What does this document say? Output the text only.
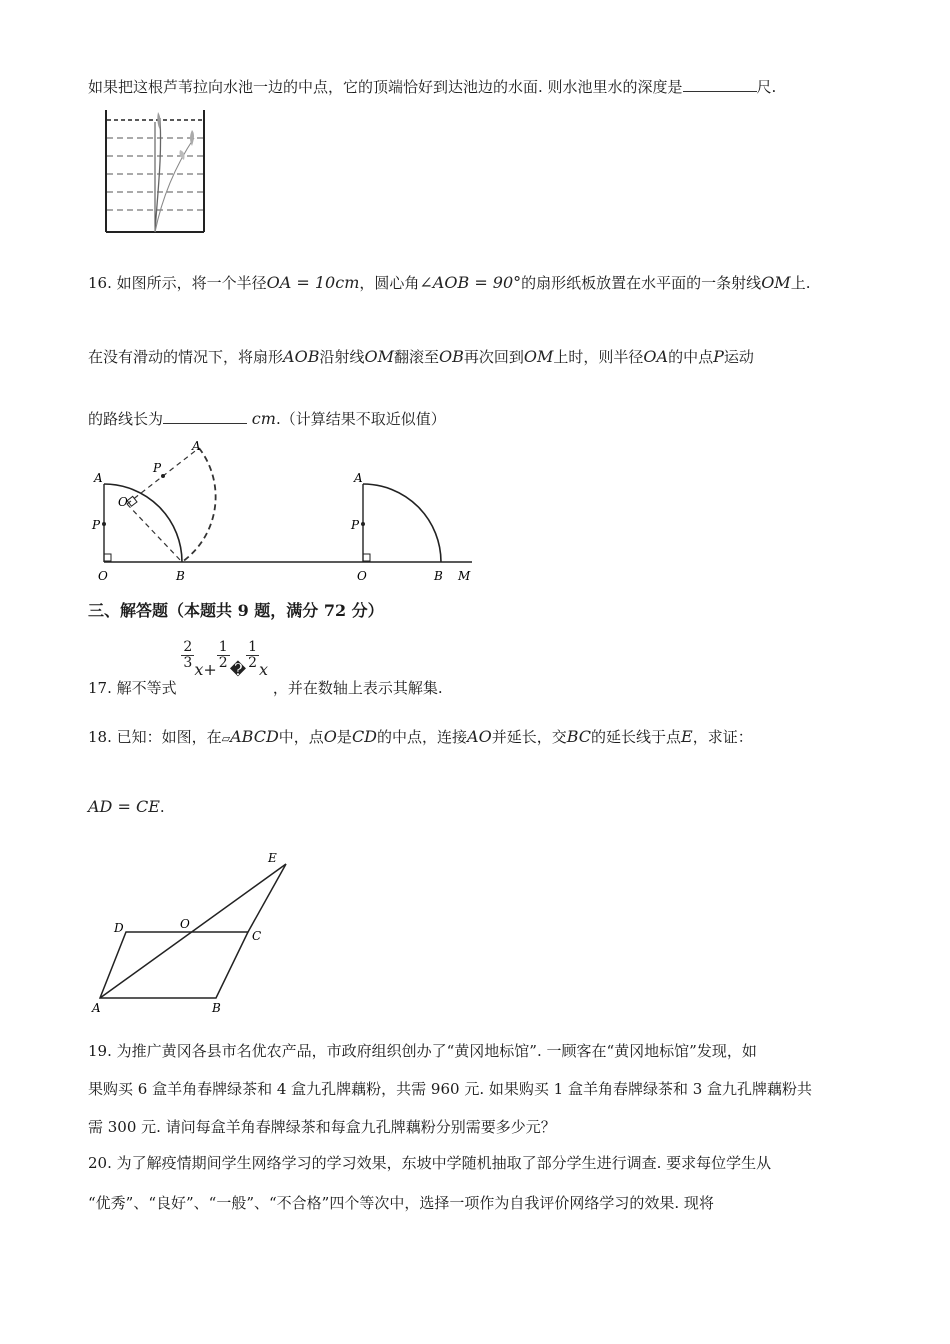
如果把这根芦苇拉向水池一边的中点，它的顶端恰好到达池边的水面. 则水池里水的深度是	尺.
16. 如图所示，将一个半径OA = 10cm，圆心角∠AOB = 90°的扇形纸板放置在水平面的一条射线OM上.
在没有滑动的情况下，将扇形AOB沿射线OM翻滚至OB再次回到OM上时，则半径OA的中点P运动
的路线长为	cm.（计算结果不取近似值）
A
P
O	B
O
P
A
A
P
O	B M
三、解答题（本题共 9 题，满分 72 分）
17. 解不等式
$\frac{2}{3} x+ \frac{1}{2}$ � $\frac{1}{2}$ x ，并在数轴上表示其解集.
18. 已知：如图，在▱ABCD中，点O是CD的中点，连接AO并延长，交BC的延长线于点E，求证：
AD = CE.
E
D	O
C
A	B
19. 为推广黄冈各县市名优农产品，市政府组织创办了“黄冈地标馆”. 一顾客在“黄冈地标馆”发现，如
果购买 6 盒羊角春牌绿茶和 4 盒九孔牌藕粉，共需 960 元. 如果购买 1 盒羊角春牌绿茶和 3 盒九孔牌藕粉共
需 300 元. 请问每盒羊角春牌绿茶和每盒九孔牌藕粉分别需要多少元？
20. 为了解疫情期间学生网络学习的学习效果，东坡中学随机抽取了部分学生进行调查. 要求每位学生从
“优秀”、“良好”、“一般”、“不合格”四个等次中，选择一项作为自我评价网络学习的效果. 现将
